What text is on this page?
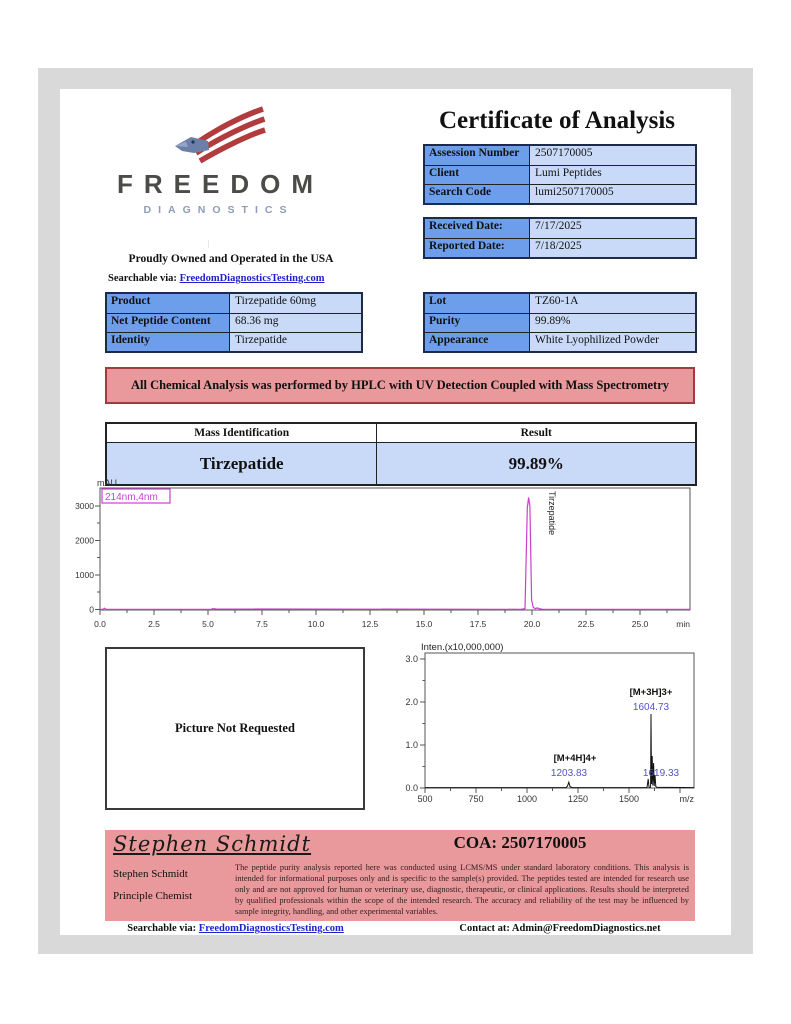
FREEDOM
DIAGNOSTICS
|
Proudly Owned and Operated in the USA
Searchable via: FreedomDiagnosticsTesting.com
Certificate of Analysis
Assession Number	2507170005
Client	Lumi Peptides
Search Code	lumi2507170005
Received Date:	7/17/2025
Reported Date:	7/18/2025
Product	Tirzepatide 60mg
Net Peptide Content	68.36 mg
Identity	Tirzepatide
Lot	TZ60-1A
Purity	99.89%
Appearance	White Lyophilized Powder
All Chemical Analysis was performed by HPLC with UV Detection Coupled with Mass Spectrometry
Mass Identification	Result
Tirzepatide	99.89%
mAU
214nm,4nm
3000
2000
1000
0
0.0	2.5	5.0	7.5	10.0	12.5	15.0	17.5	20.0	22.5	25.0	min
Tirzepatide
Picture Not Requested
Inten.(x10,000,000)
3.0
2.0
1.0
0.0
500	750	1000	1250	1500	m/z
[M+3H]3+
1604.73
[M+4H]4+
1203.83	1619.33
Stephen Schmidt
Stephen Schmidt
Principle Chemist
COA: 2507170005
The peptide purity analysis reported here was conducted using LCMS/MS under standard laboratory conditions. This analysis is intended for informational purposes only and is specific to the sample(s) provided. The peptides tested are intended for research use only and are not approved for human or veterinary use, diagnostic, therapeutic, or clinical applications. Results should be interpreted by qualified professionals within the scope of the intended research. The accuracy and reliability of the test may be influenced by sample integrity, handling, and other experimental variables.
Searchable via: FreedomDiagnosticsTesting.com	Contact at: Admin@FreedomDiagnostics.net
